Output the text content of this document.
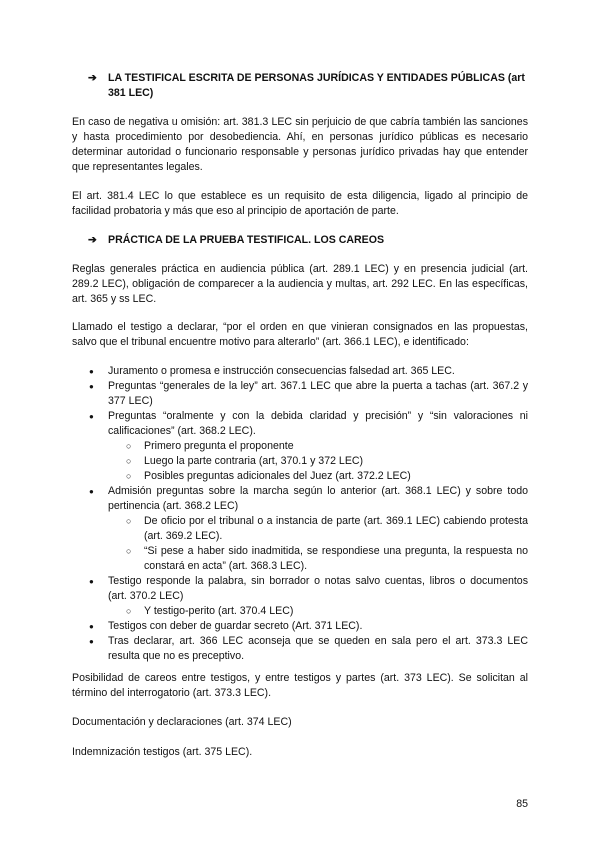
➔	LA TESTIFICAL ESCRITA DE PERSONAS JURÍDICAS Y ENTIDADES PÚBLICAS (art 381 LEC)

En caso de negativa u omisión: art. 381.3 LEC sin perjuicio de que cabría también las sanciones y hasta procedimiento por desobediencia. Ahí, en personas jurídico públicas es necesario determinar autoridad o funcionario responsable y personas jurídico privadas hay que entender que representantes legales.

El art. 381.4 LEC lo que establece es un requisito de esta diligencia, ligado al principio de facilidad probatoria y más que eso al principio de aportación de parte.

➔	PRÁCTICA DE LA PRUEBA TESTIFICAL. LOS CAREOS

Reglas generales práctica en audiencia pública (art. 289.1 LEC) y en presencia judicial (art. 289.2 LEC), obligación de comparecer a la audiencia y multas, art. 292 LEC. En las específicas, art. 365 y ss LEC.

Llamado el testigo a declarar, “por el orden en que vinieran consignados en las propuestas, salvo que el tribunal encuentre motivo para alterarlo” (art. 366.1 LEC), e identificado:

● Juramento o promesa e instrucción consecuencias falsedad art. 365 LEC.
● Preguntas “generales de la ley” art. 367.1 LEC que abre la puerta a tachas (art. 367.2 y 377 LEC)
● Preguntas “oralmente y con la debida claridad y precisión” y “sin valoraciones ni calificaciones” (art. 368.2 LEC).
○ Primero pregunta el proponente
○ Luego la parte contraria (art, 370.1 y 372 LEC)
○ Posibles preguntas adicionales del Juez (art. 372.2 LEC)
● Admisión preguntas sobre la marcha según lo anterior (art. 368.1 LEC) y sobre todo pertinencia (art. 368.2 LEC)
○ De oficio por el tribunal o a instancia de parte (art. 369.1 LEC) cabiendo protesta (art. 369.2 LEC).
○ “Si pese a haber sido inadmitida, se respondiese una pregunta, la respuesta no constará en acta” (art. 368.3 LEC).
● Testigo responde la palabra, sin borrador o notas salvo cuentas, libros o documentos (art. 370.2 LEC)
○ Y testigo-perito (art. 370.4 LEC)
● Testigos con deber de guardar secreto (Art. 371 LEC).
● Tras declarar, art. 366 LEC aconseja que se queden en sala pero el art. 373.3 LEC resulta que no es preceptivo.

Posibilidad de careos entre testigos, y entre testigos y partes (art. 373 LEC). Se solicitan al término del interrogatorio (art. 373.3 LEC).

Documentación y declaraciones (art. 374 LEC)

Indemnización testigos (art. 375 LEC).

85
